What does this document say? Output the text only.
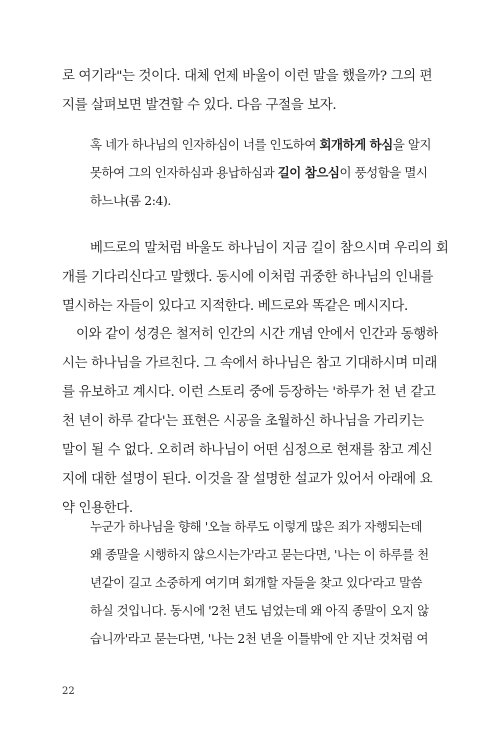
로 여기라"는 것이다. 대체 언제 바울이 이런 말을 했을까? 그의 편
지를 살펴보면 발견할 수 있다. 다음 구절을 보자.
혹 네가 하나님의 인자하심이 너를 인도하여 회개하게 하심을 알지
못하여 그의 인자하심과 용납하심과 길이 참으심이 풍성함을 멸시
하느냐(롬 2:4).
베드로의 말처럼 바울도 하나님이 지금 길이 참으시며 우리의 회
개를 기다리신다고 말했다. 동시에 이처럼 귀중한 하나님의 인내를
멸시하는 자들이 있다고 지적한다. 베드로와 똑같은 메시지다.
이와 같이 성경은 철저히 인간의 시간 개념 안에서 인간과 동행하
시는 하나님을 가르친다. 그 속에서 하나님은 참고 기대하시며 미래
를 유보하고 계시다. 이런 스토리 중에 등장하는 '하루가 천 년 같고
천 년이 하루 같다'는 표현은 시공을 초월하신 하나님을 가리키는
말이 될 수 없다. 오히려 하나님이 어떤 심정으로 현재를 참고 계신
지에 대한 설명이 된다. 이것을 잘 설명한 설교가 있어서 아래에 요
약 인용한다.
누군가 하나님을 향해 '오늘 하루도 이렇게 많은 죄가 자행되는데
왜 종말을 시행하지 않으시는가'라고 묻는다면, '나는 이 하루를 천
년같이 길고 소중하게 여기며 회개할 자들을 찾고 있다'라고 말씀
하실 것입니다. 동시에 '2천 년도 넘었는데 왜 아직 종말이 오지 않
습니까'라고 묻는다면, '나는 2천 년을 이틀밖에 안 지난 것처럼 여
22
